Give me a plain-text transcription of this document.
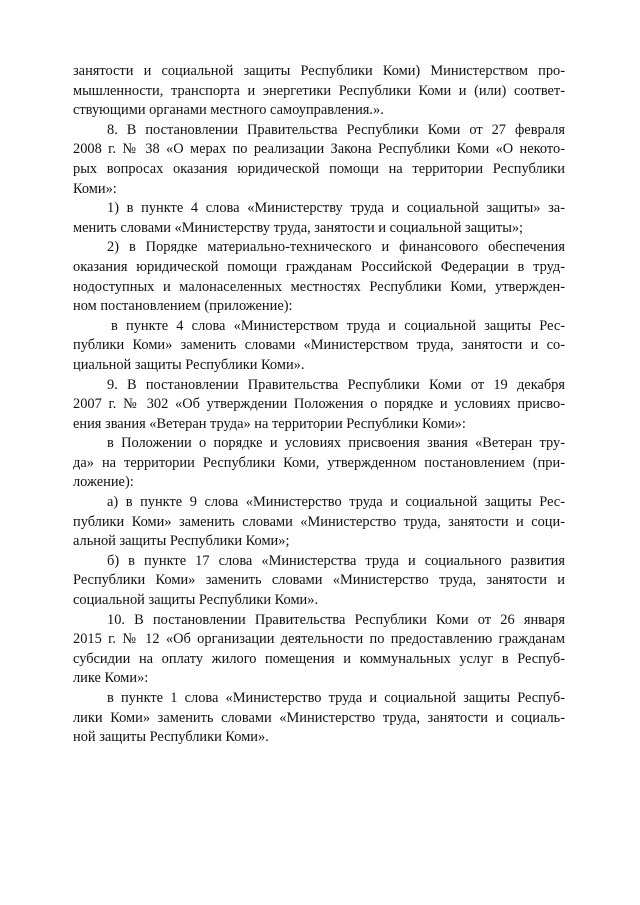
занятости и социальной защиты Республики Коми) Министерством про-
мышленности, транспорта и энергетики Республики Коми и (или) соответ-
ствующими органами местного самоуправления.».
8. В постановлении Правительства Республики Коми от 27 февраля
2008 г. № 38 «О мерах по реализации Закона Республики Коми «О некото-
рых вопросах оказания юридической помощи на территории Республики
Коми»:
1) в пункте 4 слова «Министерству труда и социальной защиты» за-
менить словами «Министерству труда, занятости и социальной защиты»;
2) в Порядке материально-технического и финансового обеспечения
оказания юридической помощи гражданам Российской Федерации в труд-
нодоступных и малонаселенных местностях Республики Коми, утвержден-
ном постановлением (приложение):
в пункте 4 слова «Министерством труда и социальной защиты Рес-
публики Коми» заменить словами «Министерством труда, занятости и со-
циальной защиты Республики Коми».
9. В постановлении Правительства Республики Коми от 19 декабря
2007 г. № 302 «Об утверждении Положения о порядке и условиях присво-
ения звания «Ветеран труда» на территории Республики Коми»:
в Положении о порядке и условиях присвоения звания «Ветеран тру-
да» на территории Республики Коми, утвержденном постановлением (при-
ложение):
а) в пункте 9 слова «Министерство труда и социальной защиты Рес-
публики Коми» заменить словами «Министерство труда, занятости и соци-
альной защиты Республики Коми»;
б) в пункте 17 слова «Министерства труда и социального развития
Республики Коми» заменить словами «Министерство труда, занятости и
социальной защиты Республики Коми».
10. В постановлении Правительства Республики Коми от 26 января
2015 г. № 12 «Об организации деятельности по предоставлению гражданам
субсидии на оплату жилого помещения и коммунальных услуг в Респуб-
лике Коми»:
в пункте 1 слова «Министерство труда и социальной защиты Респуб-
лики Коми» заменить словами «Министерство труда, занятости и социаль-
ной защиты Республики Коми».
